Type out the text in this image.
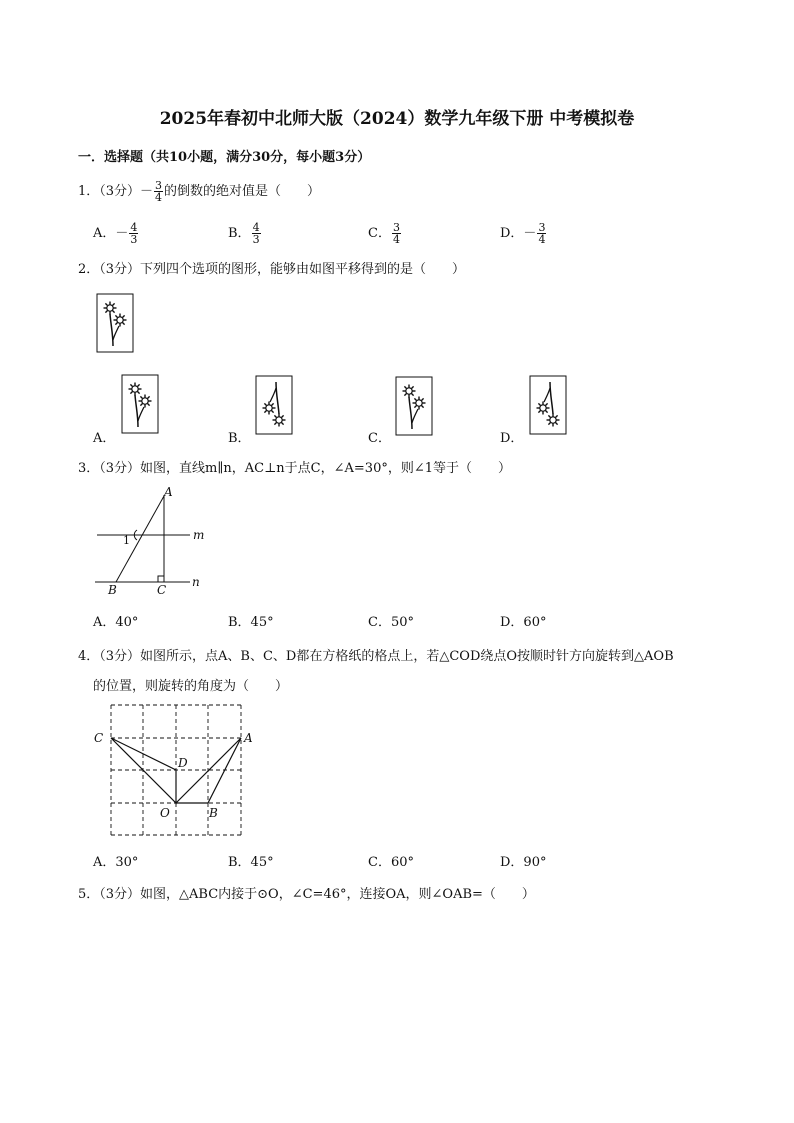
2025年春初中北师大版（2024）数学九年级下册 中考模拟卷
一．选择题（共10小题，满分30分，每小题3分）
1．（3分）－ $\frac{3}{4}$ 的倒数的绝对值是（　　）
A．－ $\frac{4}{3}$	B． $\frac{4}{3}$	C． $\frac{3}{4}$	D．－ $\frac{3}{4}$
2．（3分）下列四个选项的图形，能够由如图平移得到的是（　　）
A．	B．	C．	D．
3．（3分）如图，直线m∥n，AC⊥n于点C，∠A=30°，则∠1等于（　　）
A
B	C
m
n
1
A．40°	B．45°	C．50°	D．60°
4．（3分）如图所示，点A、B、C、D都在方格纸的格点上，若△COD绕点O按顺时针方向旋转到△AOB
的位置，则旋转的角度为（　　）
C
D
A
O	B
A．30°	B．45°	C．60°	D．90°
5．（3分）如图，△ABC内接于⊙O，∠C=46°，连接OA，则∠OAB=（　　）
